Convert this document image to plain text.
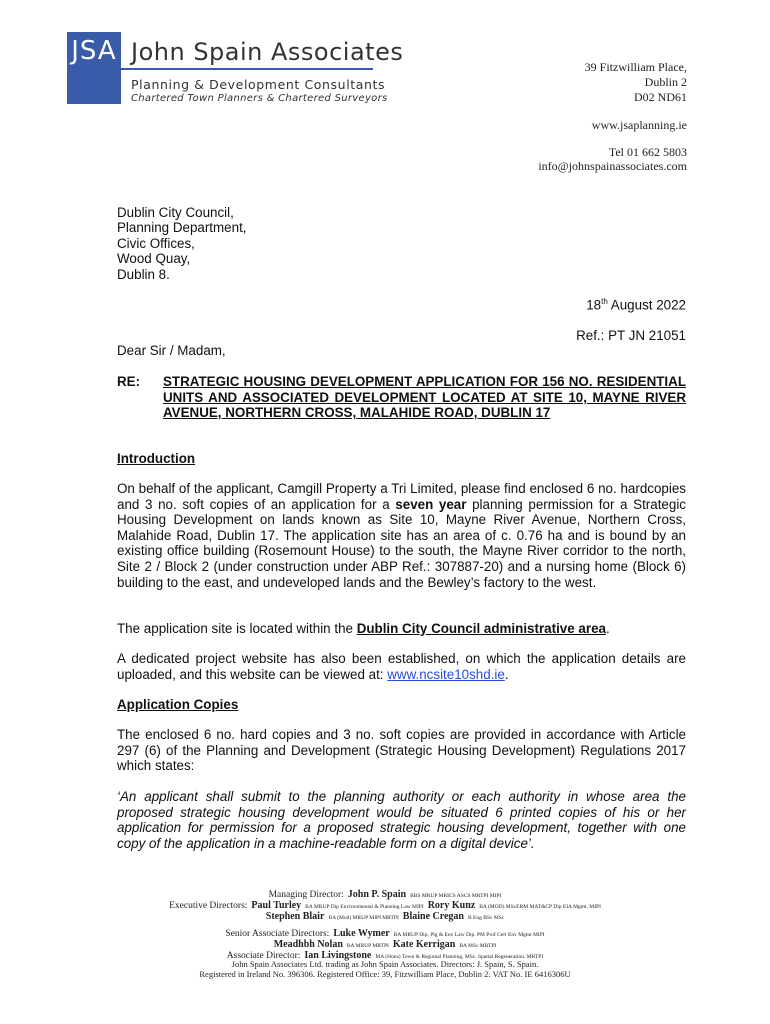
JSA John Spain Associates
Planning & Development Consultants
Chartered Town Planners & Chartered Surveyors
39 Fitzwilliam Place,
Dublin 2
D02 ND61
www.jsaplanning.ie
Tel 01 662 5803
info@johnspainassociates.com
Dublin City Council,
Planning Department,
Civic Offices,
Wood Quay,
Dublin 8.
18th August 2022
Ref.: PT JN 21051
Dear Sir / Madam,
RE: STRATEGIC HOUSING DEVELOPMENT APPLICATION FOR 156 NO. RESIDENTIAL UNITS AND ASSOCIATED DEVELOPMENT LOCATED AT SITE 10, MAYNE RIVER AVENUE, NORTHERN CROSS, MALAHIDE ROAD, DUBLIN 17
Introduction
On behalf of the applicant, Camgill Property a Tri Limited, please find enclosed 6 no. hardcopies and 3 no. soft copies of an application for a seven year planning permission for a Strategic Housing Development on lands known as Site 10, Mayne River Avenue, Northern Cross, Malahide Road, Dublin 17. The application site has an area of c. 0.76 ha and is bound by an existing office building (Rosemount House) to the south, the Mayne River corridor to the north, Site 2 / Block 2 (under construction under ABP Ref.: 307887-20) and a nursing home (Block 6) building to the east, and undeveloped lands and the Bewley’s factory to the west.
The application site is located within the Dublin City Council administrative area.
A dedicated project website has also been established, on which the application details are uploaded, and this website can be viewed at: www.ncsite10shd.ie.
Application Copies
The enclosed 6 no. hard copies and 3 no. soft copies are provided in accordance with Article 297 (6) of the Planning and Development (Strategic Housing Development) Regulations 2017 which states:
‘An applicant shall submit to the planning authority or each authority in whose area the proposed strategic housing development would be situated 6 printed copies of his or her application for permission for a proposed strategic housing development, together with one copy of the application in a machine-readable form on a digital device’.
Managing Director: John P. Spain BBS MRUP MRICS ASCS MRTPI MIPI
Executive Directors: Paul Turley BA MRUP Dip Environmental & Planning Law MIPI Rory Kunz BA (MOD) MScERM MAT&CP Dip EIA Mgmt. MIPI
Stephen Blair BA (Mod) MRUP MIPI MRTPI Blaine Cregan B Eng BSc MSc
Senior Associate Directors: Luke Wymer BA MRUP Dip. Plg & Env Law Dip. PM Prof Cert Env Mgmt MIPI
Meadhbh Nolan BA MRUP MRTPI Kate Kerrigan BA MSc MRTPI
Associate Director: Ian Livingstone MA (Hons) Town & Regional Planning, MSc. Spatial Regeneration. MRTPI
John Spain Associates Ltd. trading as John Spain Associates. Directors: J. Spain, S. Spain.
Registered in Ireland No. 396306. Registered Office: 39, Fitzwilliam Place, Dublin 2. VAT No. IE 6416306U
